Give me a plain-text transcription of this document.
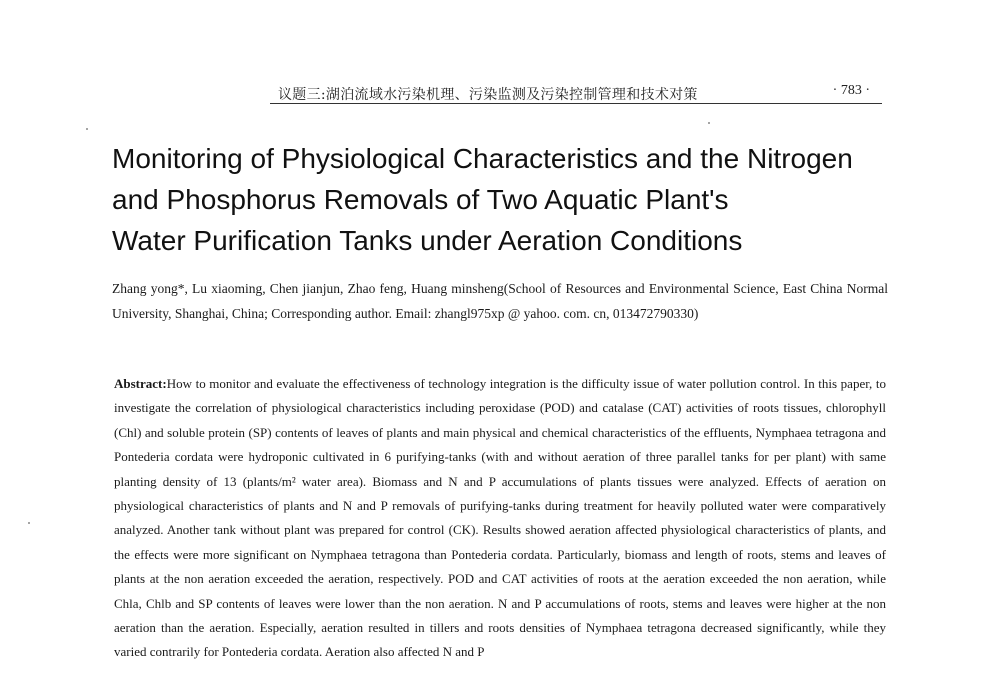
议题三:湖泊流域水污染机理、污染监测及污染控制管理和技术对策	· 783 ·
Monitoring of Physiological Characteristics and the Nitrogen
and Phosphorus Removals of Two Aquatic Plant's
Water Purification Tanks under Aeration Conditions
Zhang yong*, Lu xiaoming, Chen jianjun, Zhao feng, Huang minsheng(School of Resources and Environmental Science, East China Normal University, Shanghai, China; Corresponding author. Email: zhangl975xp @ yahoo. com. cn, 013472790330)
Abstract:How to monitor and evaluate the effectiveness of technology integration is the difficulty issue of water pollution control. In this paper, to investigate the correlation of physiological characteristics including peroxidase (POD) and catalase (CAT) activities of roots tissues, chlorophyll (Chl) and soluble protein (SP) contents of leaves of plants and main physical and chemical characteristics of the effluents, Nymphaea tetragona and Pontederia cordata were hydroponic cultivated in 6 purifying-tanks (with and without aeration of three parallel tanks for per plant) with same planting density of 13 (plants/m² water area). Biomass and N and P accumulations of plants tissues were analyzed. Effects of aeration on physiological characteristics of plants and N and P removals of purifying-tanks during treatment for heavily polluted water were comparatively analyzed. Another tank without plant was prepared for control (CK). Results showed aeration affected physiological characteristics of plants, and the effects were more significant on Nymphaea tetragona than Pontederia cordata. Particularly, biomass and length of roots, stems and leaves of plants at the non aeration exceeded the aeration, respectively. POD and CAT activities of roots at the aeration exceeded the non aeration, while Chla, Chlb and SP contents of leaves were lower than the non aeration. N and P accumulations of roots, stems and leaves were higher at the non aeration than the aeration. Especially, aeration resulted in tillers and roots densities of Nymphaea tetragona decreased significantly, while they varied contrarily for Pontederia cordata. Aeration also affected N and P
